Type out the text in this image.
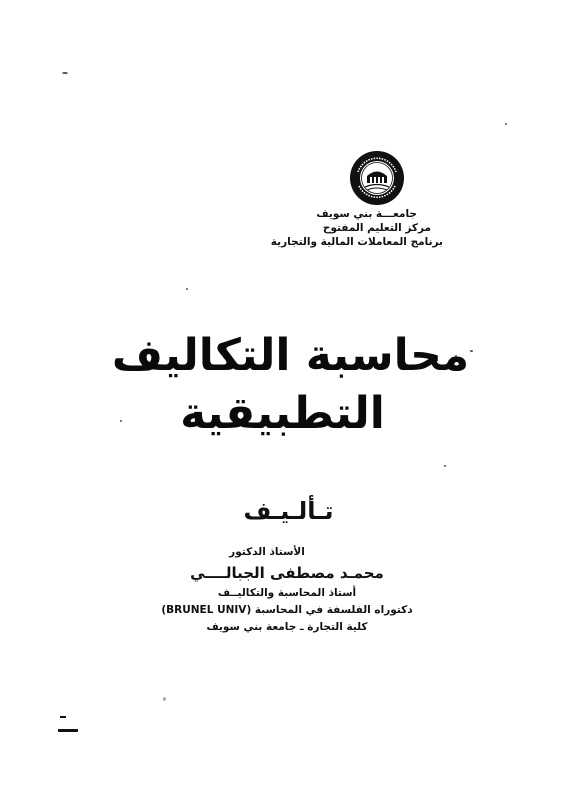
جامعـــة بني سويف
مركز التعليم المفتوح
برنامج المعاملات المالية والتجارية
محاسبة التكاليف
التطبيقية
تـألـيـف
الأستاذ الدكتور
محمـد مصطفى الجبالــــي
أستاذ المحاسبة والتكاليــف
دكتوراه الفلسفة في المحاسبة (BRUNEL UNIV)
كلية التجارة ـ جامعة بني سويف
